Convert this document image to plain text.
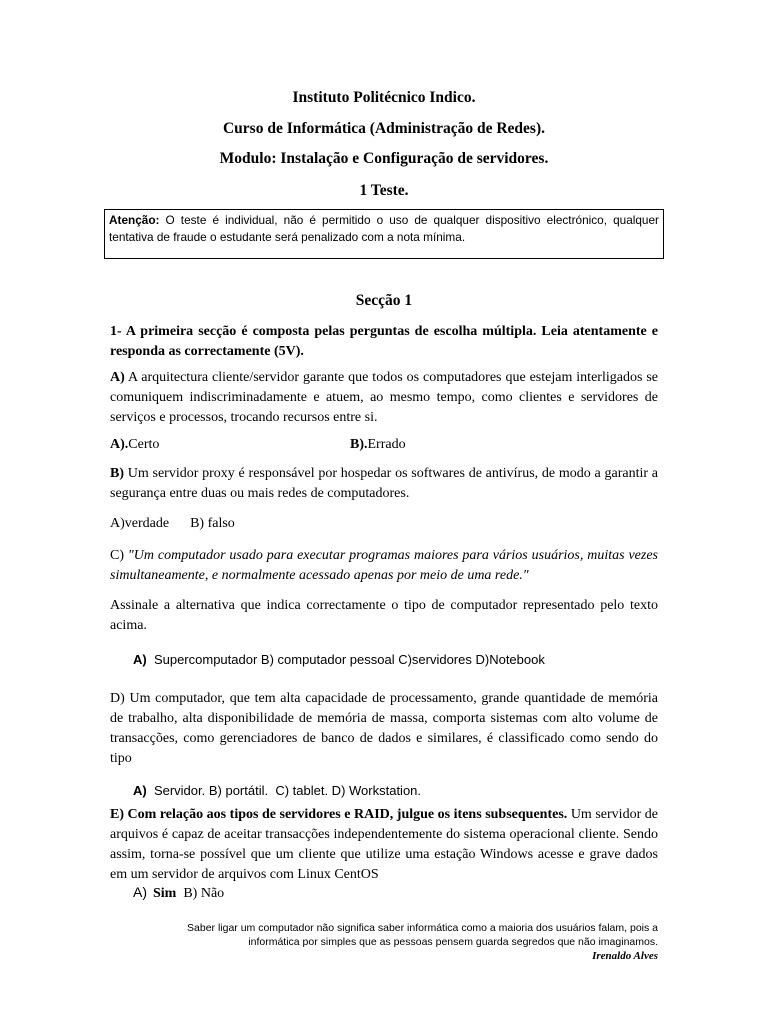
Instituto Politécnico Indico.
Curso de Informática (Administração de Redes).
Modulo: Instalação e Configuração de servidores.
1 Teste.
Atenção: O teste é individual, não é permitido o uso de qualquer dispositivo electrónico, qualquer tentativa de fraude o estudante será penalizado com a nota mínima.
Secção 1
1- A primeira secção é composta pelas perguntas de escolha múltipla. Leia atentamente e responda as correctamente (5V).
A) A arquitectura cliente/servidor garante que todos os computadores que estejam interligados se comuniquem indiscriminadamente e atuem, ao mesmo tempo, como clientes e servidores de serviços e processos, trocando recursos entre si.
A).Certo	B).Errado
B) Um servidor proxy é responsável por hospedar os softwares de antivírus, de modo a garantir a segurança entre duas ou mais redes de computadores.
A)verdade      B) falso
C) "Um computador usado para executar programas maiores para vários usuários, muitas vezes simultaneamente, e normalmente acessado apenas por meio de uma rede."
Assinale a alternativa que indica correctamente o tipo de computador representado pelo texto acima.
A)  Supercomputador B) computador pessoal C)servidores D)Notebook
D) Um computador, que tem alta capacidade de processamento, grande quantidade de memória de trabalho, alta disponibilidade de memória de massa, comporta sistemas com alto volume de transacções, como gerenciadores de banco de dados e similares, é classificado como sendo do tipo
A)  Servidor. B) portátil.  C) tablet. D) Workstation.
E) Com relação aos tipos de servidores e RAID, julgue os itens subsequentes. Um servidor de arquivos é capaz de aceitar transacções independentemente do sistema operacional cliente. Sendo assim, torna-se possível que um cliente que utilize uma estação Windows acesse e grave dados em um servidor de arquivos com Linux CentOS
A) Sim  B) Não
Saber ligar um computador não significa saber informática como a maioria dos usuários falam, pois a
informática por simples que as pessoas pensem guarda segredos que não imaginamos.
Irenaldo Alves
